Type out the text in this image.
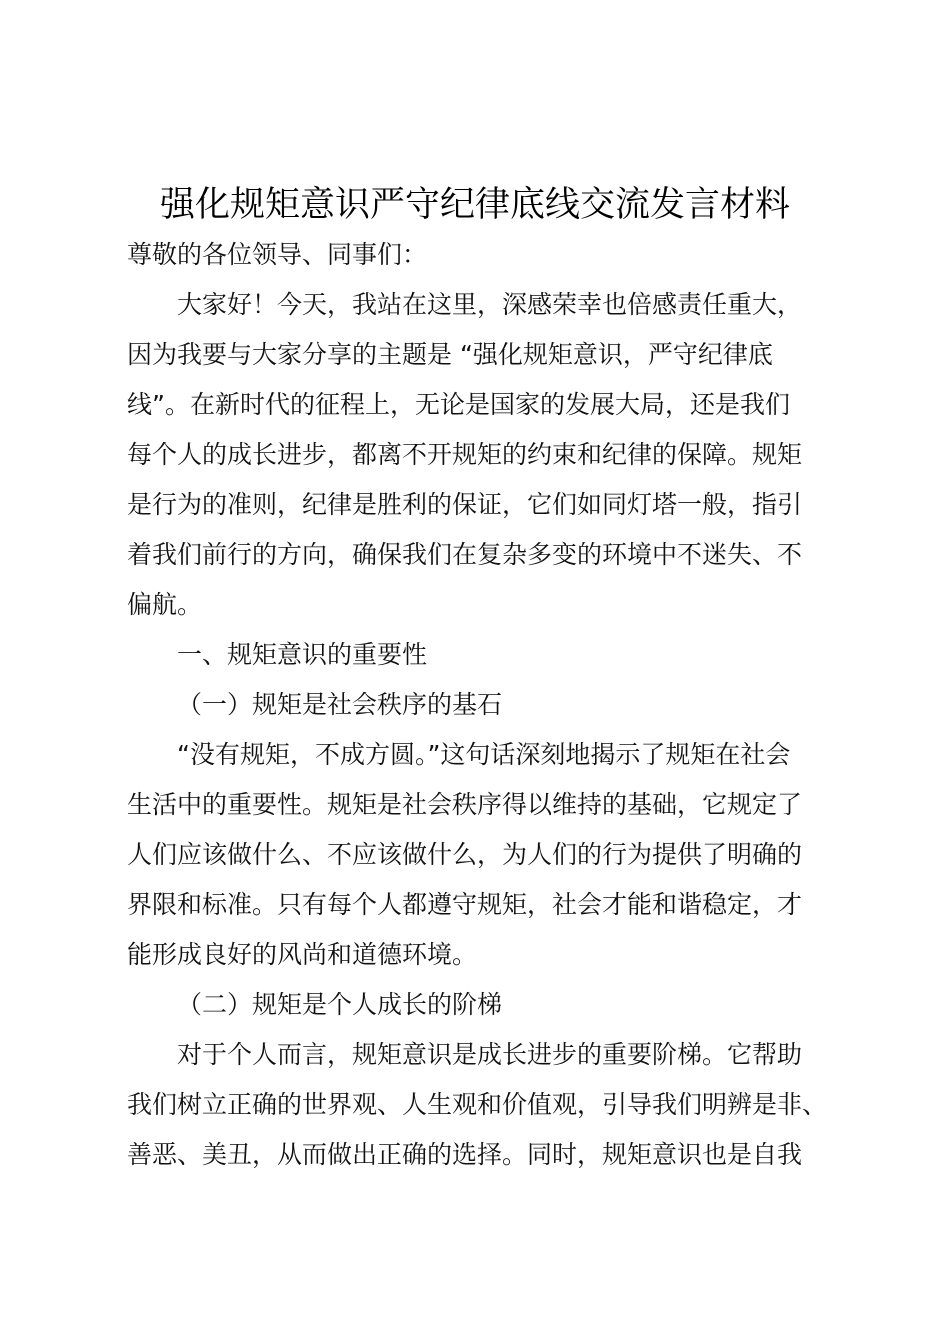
强化规矩意识严守纪律底线交流发言材料
尊敬的各位领导、同事们：
大家好！今天，我站在这里，深感荣幸也倍感责任重大，
因为我要与大家分享的主题是 “强化规矩意识，严守纪律底
线”。在新时代的征程上，无论是国家的发展大局，还是我们
每个人的成长进步，都离不开规矩的约束和纪律的保障。规矩
是行为的准则，纪律是胜利的保证，它们如同灯塔一般，指引
着我们前行的方向，确保我们在复杂多变的环境中不迷失、不
偏航。
一、规矩意识的重要性
（一）规矩是社会秩序的基石
“没有规矩，不成方圆。”这句话深刻地揭示了规矩在社会
生活中的重要性。规矩是社会秩序得以维持的基础，它规定了
人们应该做什么、不应该做什么，为人们的行为提供了明确的
界限和标准。只有每个人都遵守规矩，社会才能和谐稳定，才
能形成良好的风尚和道德环境。
（二）规矩是个人成长的阶梯
对于个人而言，规矩意识是成长进步的重要阶梯。它帮助
我们树立正确的世界观、人生观和价值观，引导我们明辨是非、
善恶、美丑，从而做出正确的选择。同时，规矩意识也是自我
